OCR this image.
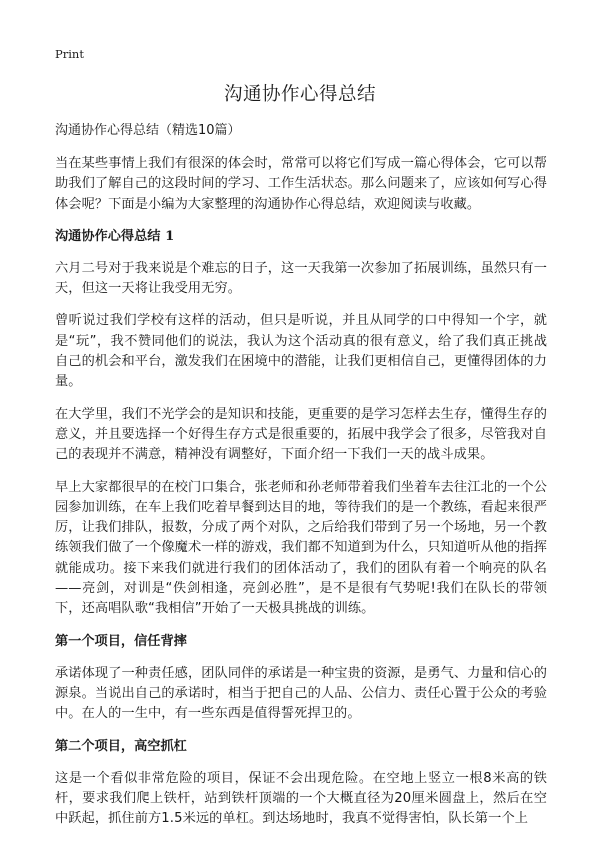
Print
沟通协作心得总结
沟通协作心得总结（精选10篇）

当在某些事情上我们有很深的体会时，常常可以将它们写成一篇心得体会，它可以帮助我们了解自己的这段时间的学习、工作生活状态。那么问题来了，应该如何写心得体会呢？下面是小编为大家整理的沟通协作心得总结，欢迎阅读与收藏。

沟通协作心得总结 1

六月二号对于我来说是个难忘的日子，这一天我第一次参加了拓展训练，虽然只有一天，但这一天将让我受用无穷。

曾听说过我们学校有这样的活动，但只是听说，并且从同学的口中得知一个字，就是“玩”，我不赞同他们的说法，我认为这个活动真的很有意义，给了我们真正挑战自己的机会和平台，激发我们在困境中的潜能，让我们更相信自己，更懂得团体的力量。

在大学里，我们不光学会的是知识和技能，更重要的是学习怎样去生存，懂得生存的意义，并且要选择一个好得生存方式是很重要的，拓展中我学会了很多，尽管我对自己的表现并不满意，精神没有调整好，下面介绍一下我们一天的战斗成果。

早上大家都很早的在校门口集合，张老师和孙老师带着我们坐着车去往江北的一个公园参加训练，在车上我们吃着早餐到达目的地，等待我们的是一个教练，看起来很严厉，让我们排队，报数，分成了两个对队，之后给我们带到了另一个场地，另一个教练领我们做了一个像魔术一样的游戏，我们都不知道到为什么，只知道听从他的指挥就能成功。接下来我们就进行我们的团体活动了，我们的团队有着一个响亮的队名——亮剑，对训是“佚剑相逢，亮剑必胜”，是不是很有气势呢!我们在队长的带领下，还高唱队歌“我相信”开始了一天极具挑战的训练。

第一个项目，信任背摔

承诺体现了一种责任感，团队同伴的承诺是一种宝贵的资源，是勇气、力量和信心的源泉。当说出自己的承诺时，相当于把自己的人品、公信力、责任心置于公众的考验中。在人的一生中，有一些东西是值得誓死捍卫的。

第二个项目，高空抓杠

这是一个看似非常危险的项目，保证不会出现危险。在空地上竖立一根8米高的铁杆，要求我们爬上铁杆，站到铁杆顶端的一个大概直径为20厘米圆盘上，然后在空中跃起，抓住前方1.5米远的单杠。到达场地时，我真不觉得害怕，队长第一个上
